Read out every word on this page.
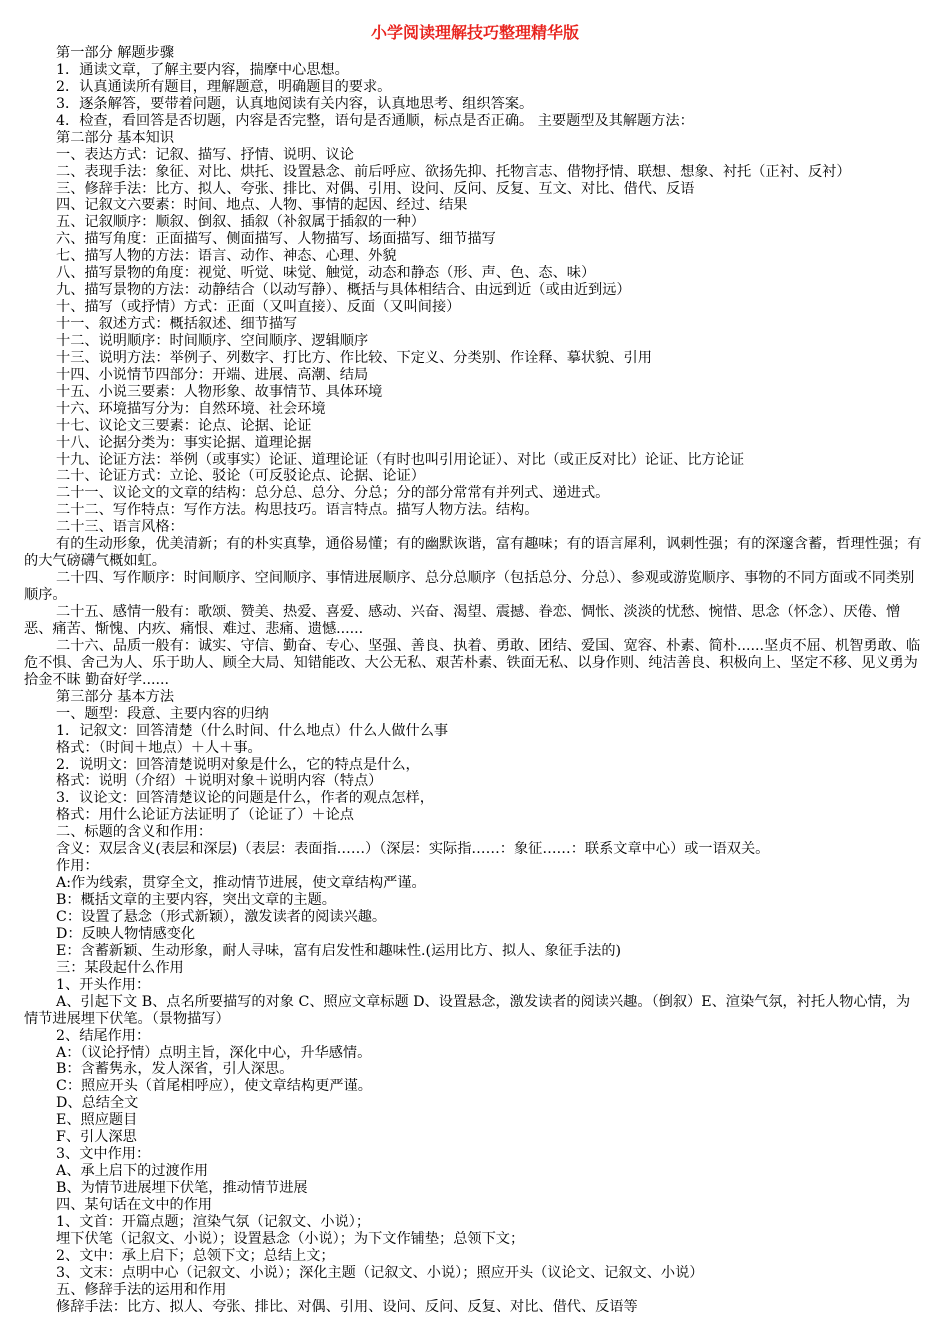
小学阅读理解技巧整理精华版
第一部分 解题步骤
1．通读文章，了解主要内容，揣摩中心思想。
2．认真通读所有题目，理解题意，明确题目的要求。
3．逐条解答，要带着问题，认真地阅读有关内容，认真地思考、组织答案。
4．检查，看回答是否切题，内容是否完整，语句是否通顺，标点是否正确。 主要题型及其解题方法：
第二部分 基本知识
一、表达方式：记叙、描写、抒情、说明、议论
二、表现手法：象征、对比、烘托、设置悬念、前后呼应、欲扬先抑、托物言志、借物抒情、联想、想象、衬托（正衬、反衬）
三、修辞手法：比方、拟人、夸张、排比、对偶、引用、设问、反问、反复、互文、对比、借代、反语
四、记叙文六要素：时间、地点、人物、事情的起因、经过、结果
五、记叙顺序：顺叙、倒叙、插叙（补叙属于插叙的一种）
六、描写角度：正面描写、侧面描写、人物描写、场面描写、细节描写
七、描写人物的方法：语言、动作、神态、心理、外貌
八、描写景物的角度：视觉、听觉、味觉、触觉，动态和静态（形、声、色、态、味）
九、描写景物的方法：动静结合（以动写静）、概括与具体相结合、由远到近（或由近到远）
十、描写（或抒情）方式：正面（又叫直接）、反面（又叫间接）
十一、叙述方式：概括叙述、细节描写
十二、说明顺序：时间顺序、空间顺序、逻辑顺序
十三、说明方法：举例子、列数字、打比方、作比较、下定义、分类别、作诠释、摹状貌、引用
十四、小说情节四部分：开端、进展、高潮、结局
十五、小说三要素：人物形象、故事情节、具体环境
十六、环境描写分为：自然环境、社会环境
十七、议论文三要素：论点、论据、论证
十八、论据分类为：事实论据、道理论据
十九、论证方法：举例（或事实）论证、道理论证（有时也叫引用论证）、对比（或正反对比）论证、比方论证
二十、论证方式：立论、驳论（可反驳论点、论据、论证）
二十一、议论文的文章的结构：总分总、总分、分总；分的部分常常有并列式、递进式。
二十二、写作特点：写作方法。构思技巧。语言特点。描写人物方法。结构。
二十三、语言风格：
有的生动形象，优美清新；有的朴实真挚，通俗易懂；有的幽默诙谐，富有趣味；有的语言犀利，讽刺性强；有的深邃含蓄，哲理性强；有的大气磅礴气概如虹。
二十四、写作顺序：时间顺序、空间顺序、事情进展顺序、总分总顺序（包括总分、分总）、参观或游览顺序、事物的不同方面或不同类别顺序。
二十五、感情一般有：歌颂、赞美、热爱、喜爱、感动、兴奋、渴望、震撼、眷恋、惆怅、淡淡的忧愁、惋惜、思念（怀念）、厌倦、憎恶、痛苦、惭愧、内疚、痛恨、难过、悲痛、遗憾......
二十六、品质一般有：诚实、守信、勤奋、专心、坚强、善良、执着、勇敢、团结、爱国、宽容、朴素、简朴......坚贞不屈、机智勇敢、临危不惧、舍己为人、乐于助人、顾全大局、知错能改、大公无私、艰苦朴素、铁面无私、以身作则、纯洁善良、积极向上、坚定不移、见义勇为拾金不昧 勤奋好学......
第三部分 基本方法
一、题型：段意、主要内容的归纳
1．记叙文：回答清楚（什么时间、什么地点）什么人做什么事
格式：（时间＋地点）＋人＋事。
2．说明文：回答清楚说明对象是什么，它的特点是什么，
格式：说明（介绍）＋说明对象＋说明内容（特点）
3．议论文：回答清楚议论的问题是什么，作者的观点怎样，
格式：用什么论证方法证明了（论证了）＋论点
二、标题的含义和作用：
含义：双层含义(表层和深层)（表层：表面指……）（深层：实际指……：象征……：联系文章中心）或一语双关。
作用：
A:作为线索，贯穿全文，推动情节进展，使文章结构严谨。
B：概括文章的主要内容，突出文章的主题。
C：设置了悬念（形式新颖），激发读者的阅读兴趣。
D：反映人物情感变化
E：含蓄新颖、生动形象，耐人寻味，富有启发性和趣味性.(运用比方、拟人、象征手法的)
三：某段起什么作用
1、开头作用：
A、引起下文 B、点名所要描写的对象 C、照应文章标题 D、设置悬念，激发读者的阅读兴趣。（倒叙）E、渲染气氛，衬托人物心情，为情节进展埋下伏笔。（景物描写）
2、结尾作用：
A：（议论抒情）点明主旨，深化中心，升华感情。
B：含蓄隽永，发人深省，引人深思。
C：照应开头（首尾相呼应），使文章结构更严谨。
D、总结全文
E、照应题目
F、引人深思
3、文中作用：
A、承上启下的过渡作用
B、为情节进展埋下伏笔，推动情节进展
四、某句话在文中的作用
1、文首：开篇点题；渲染气氛（记叙文、小说）；
埋下伏笔（记叙文、小说）；设置悬念（小说）；为下文作铺垫；总领下文；
2、文中：承上启下；总领下文；总结上文；
3、文末：点明中心（记叙文、小说）；深化主题（记叙文、小说）；照应开头（议论文、记叙文、小说）
五、修辞手法的运用和作用
修辞手法：比方、拟人、夸张、排比、对偶、引用、设问、反问、反复、对比、借代、反语等
